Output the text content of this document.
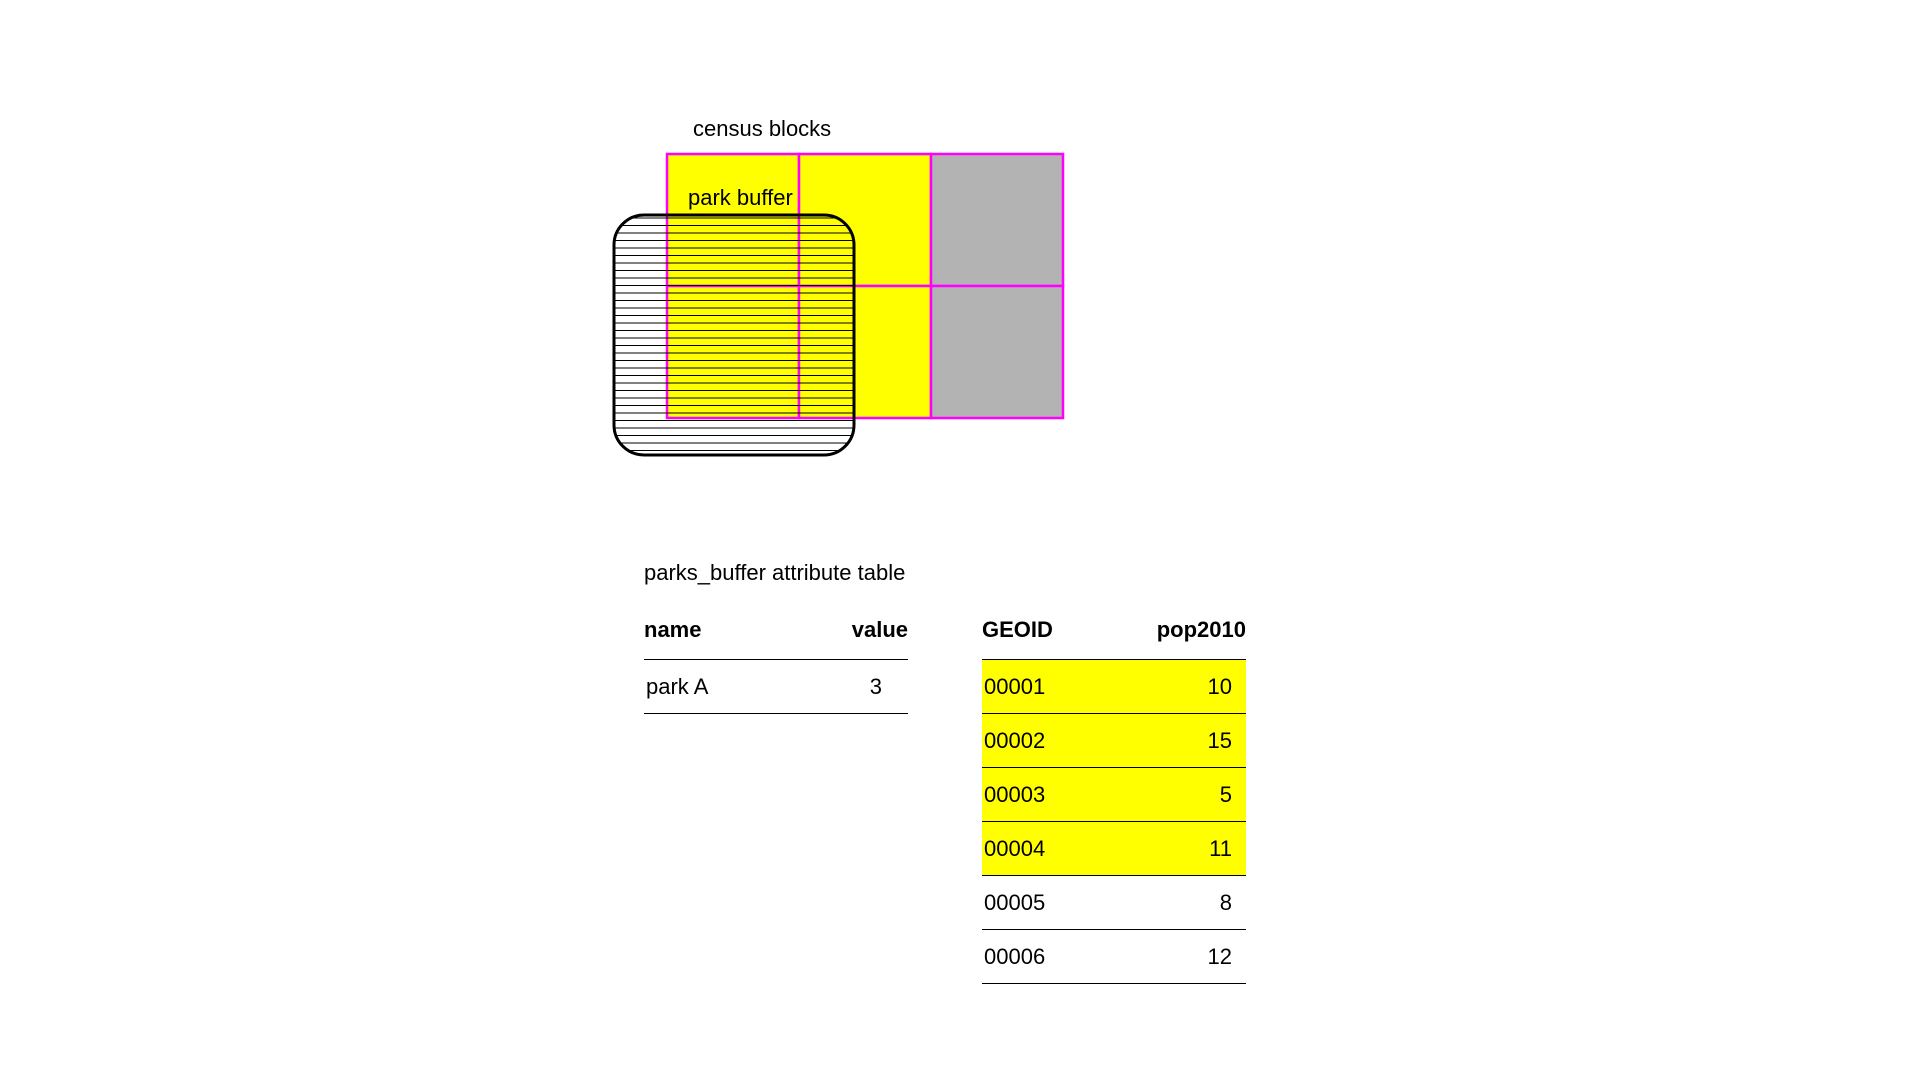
census blocks
park buffer
parks_buffer attribute table
name	value
park A	3
GEOID	pop2010
00001	10
00002	15
00003	5
00004	11
00005	8
00006	12
